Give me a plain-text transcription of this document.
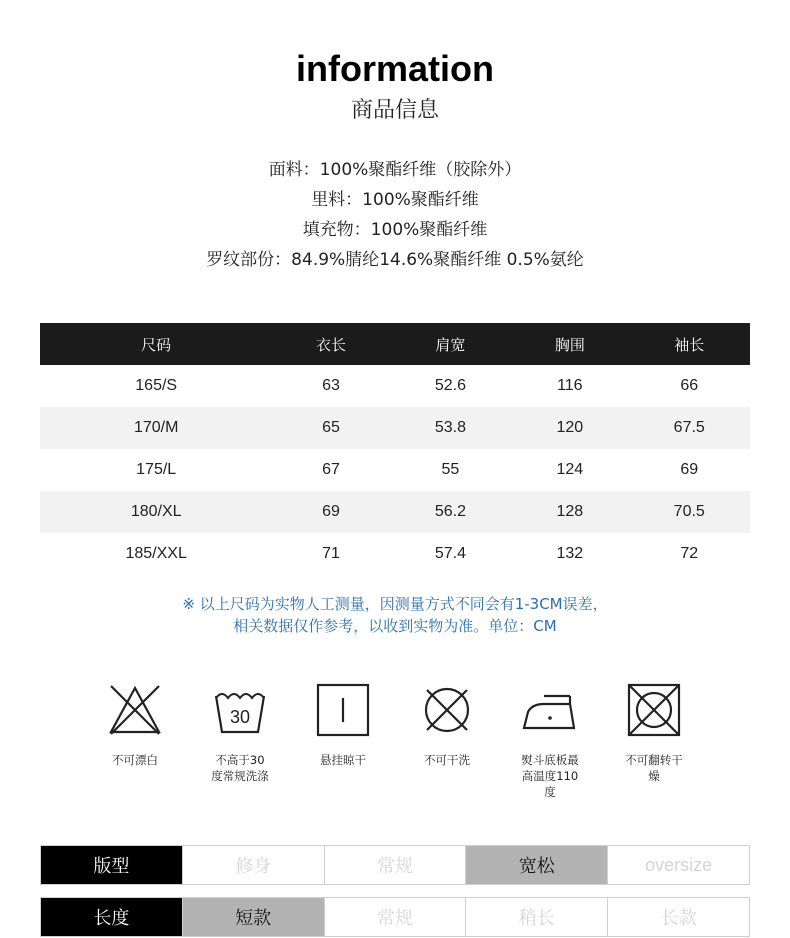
information
商品信息
面料：100%聚酯纤维（胶除外）
里料：100%聚酯纤维
填充物：100%聚酯纤维
罗纹部份：84.9%腈纶14.6%聚酯纤维 0.5%氨纶
尺码	衣长	肩宽	胸围	袖长
165/S	63	52.6	116	66
170/M	65	53.8	120	67.5
175/L	67	55	124	69
180/XL	69	56.2	128	70.5
185/XXL	71	57.4	132	72
※ 以上尺码为实物人工测量，因测量方式不同会有1-3CM误差，
相关数据仅作参考，以收到实物为准。单位：CM
不可漂白
30
不高于30
度常规洗涤
悬挂晾干	不可干洗	熨斗底板最
高温度110
度
不可翻转干
燥
版型	修身	常规	宽松	oversize
长度	短款	常规	稍长	长款
